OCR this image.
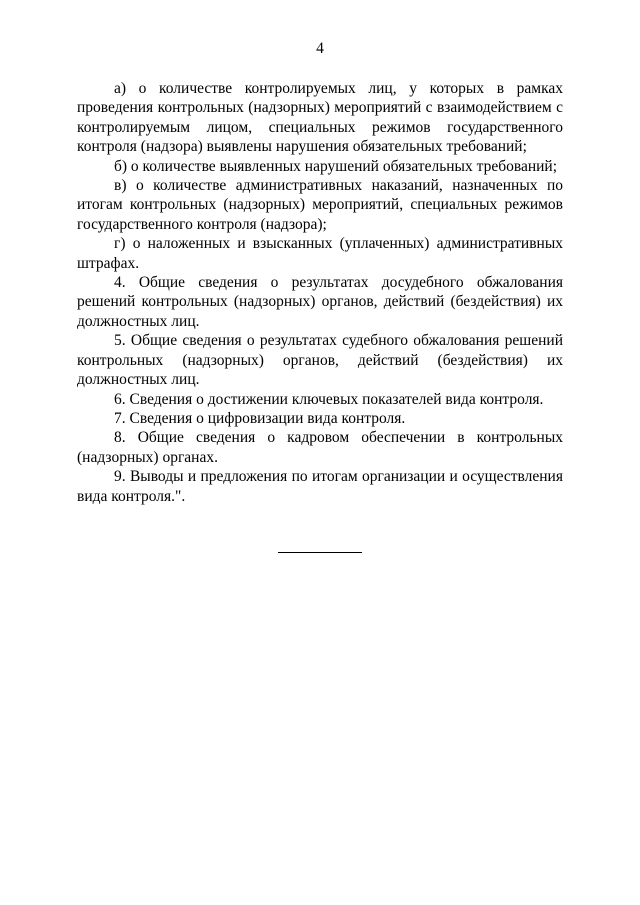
4

а) о количестве контролируемых лиц, у которых в рамках проведения контрольных (надзорных) мероприятий с взаимодействием с контролируемым лицом, специальных режимов государственного контроля (надзора) выявлены нарушения обязательных требований;

б) о количестве выявленных нарушений обязательных требований;

в) о количестве административных наказаний, назначенных по итогам контрольных (надзорных) мероприятий, специальных режимов государственного контроля (надзора);

г) о наложенных и взысканных (уплаченных) административных штрафах.

4. Общие сведения о результатах досудебного обжалования решений контрольных (надзорных) органов, действий (бездействия) их должностных лиц.

5. Общие сведения о результатах судебного обжалования решений контрольных (надзорных) органов, действий (бездействия) их должностных лиц.

6. Сведения о достижении ключевых показателей вида контроля.

7. Сведения о цифровизации вида контроля.

8. Общие сведения о кадровом обеспечении в контрольных (надзорных) органах.

9. Выводы и предложения по итогам организации и осуществления вида контроля.".
